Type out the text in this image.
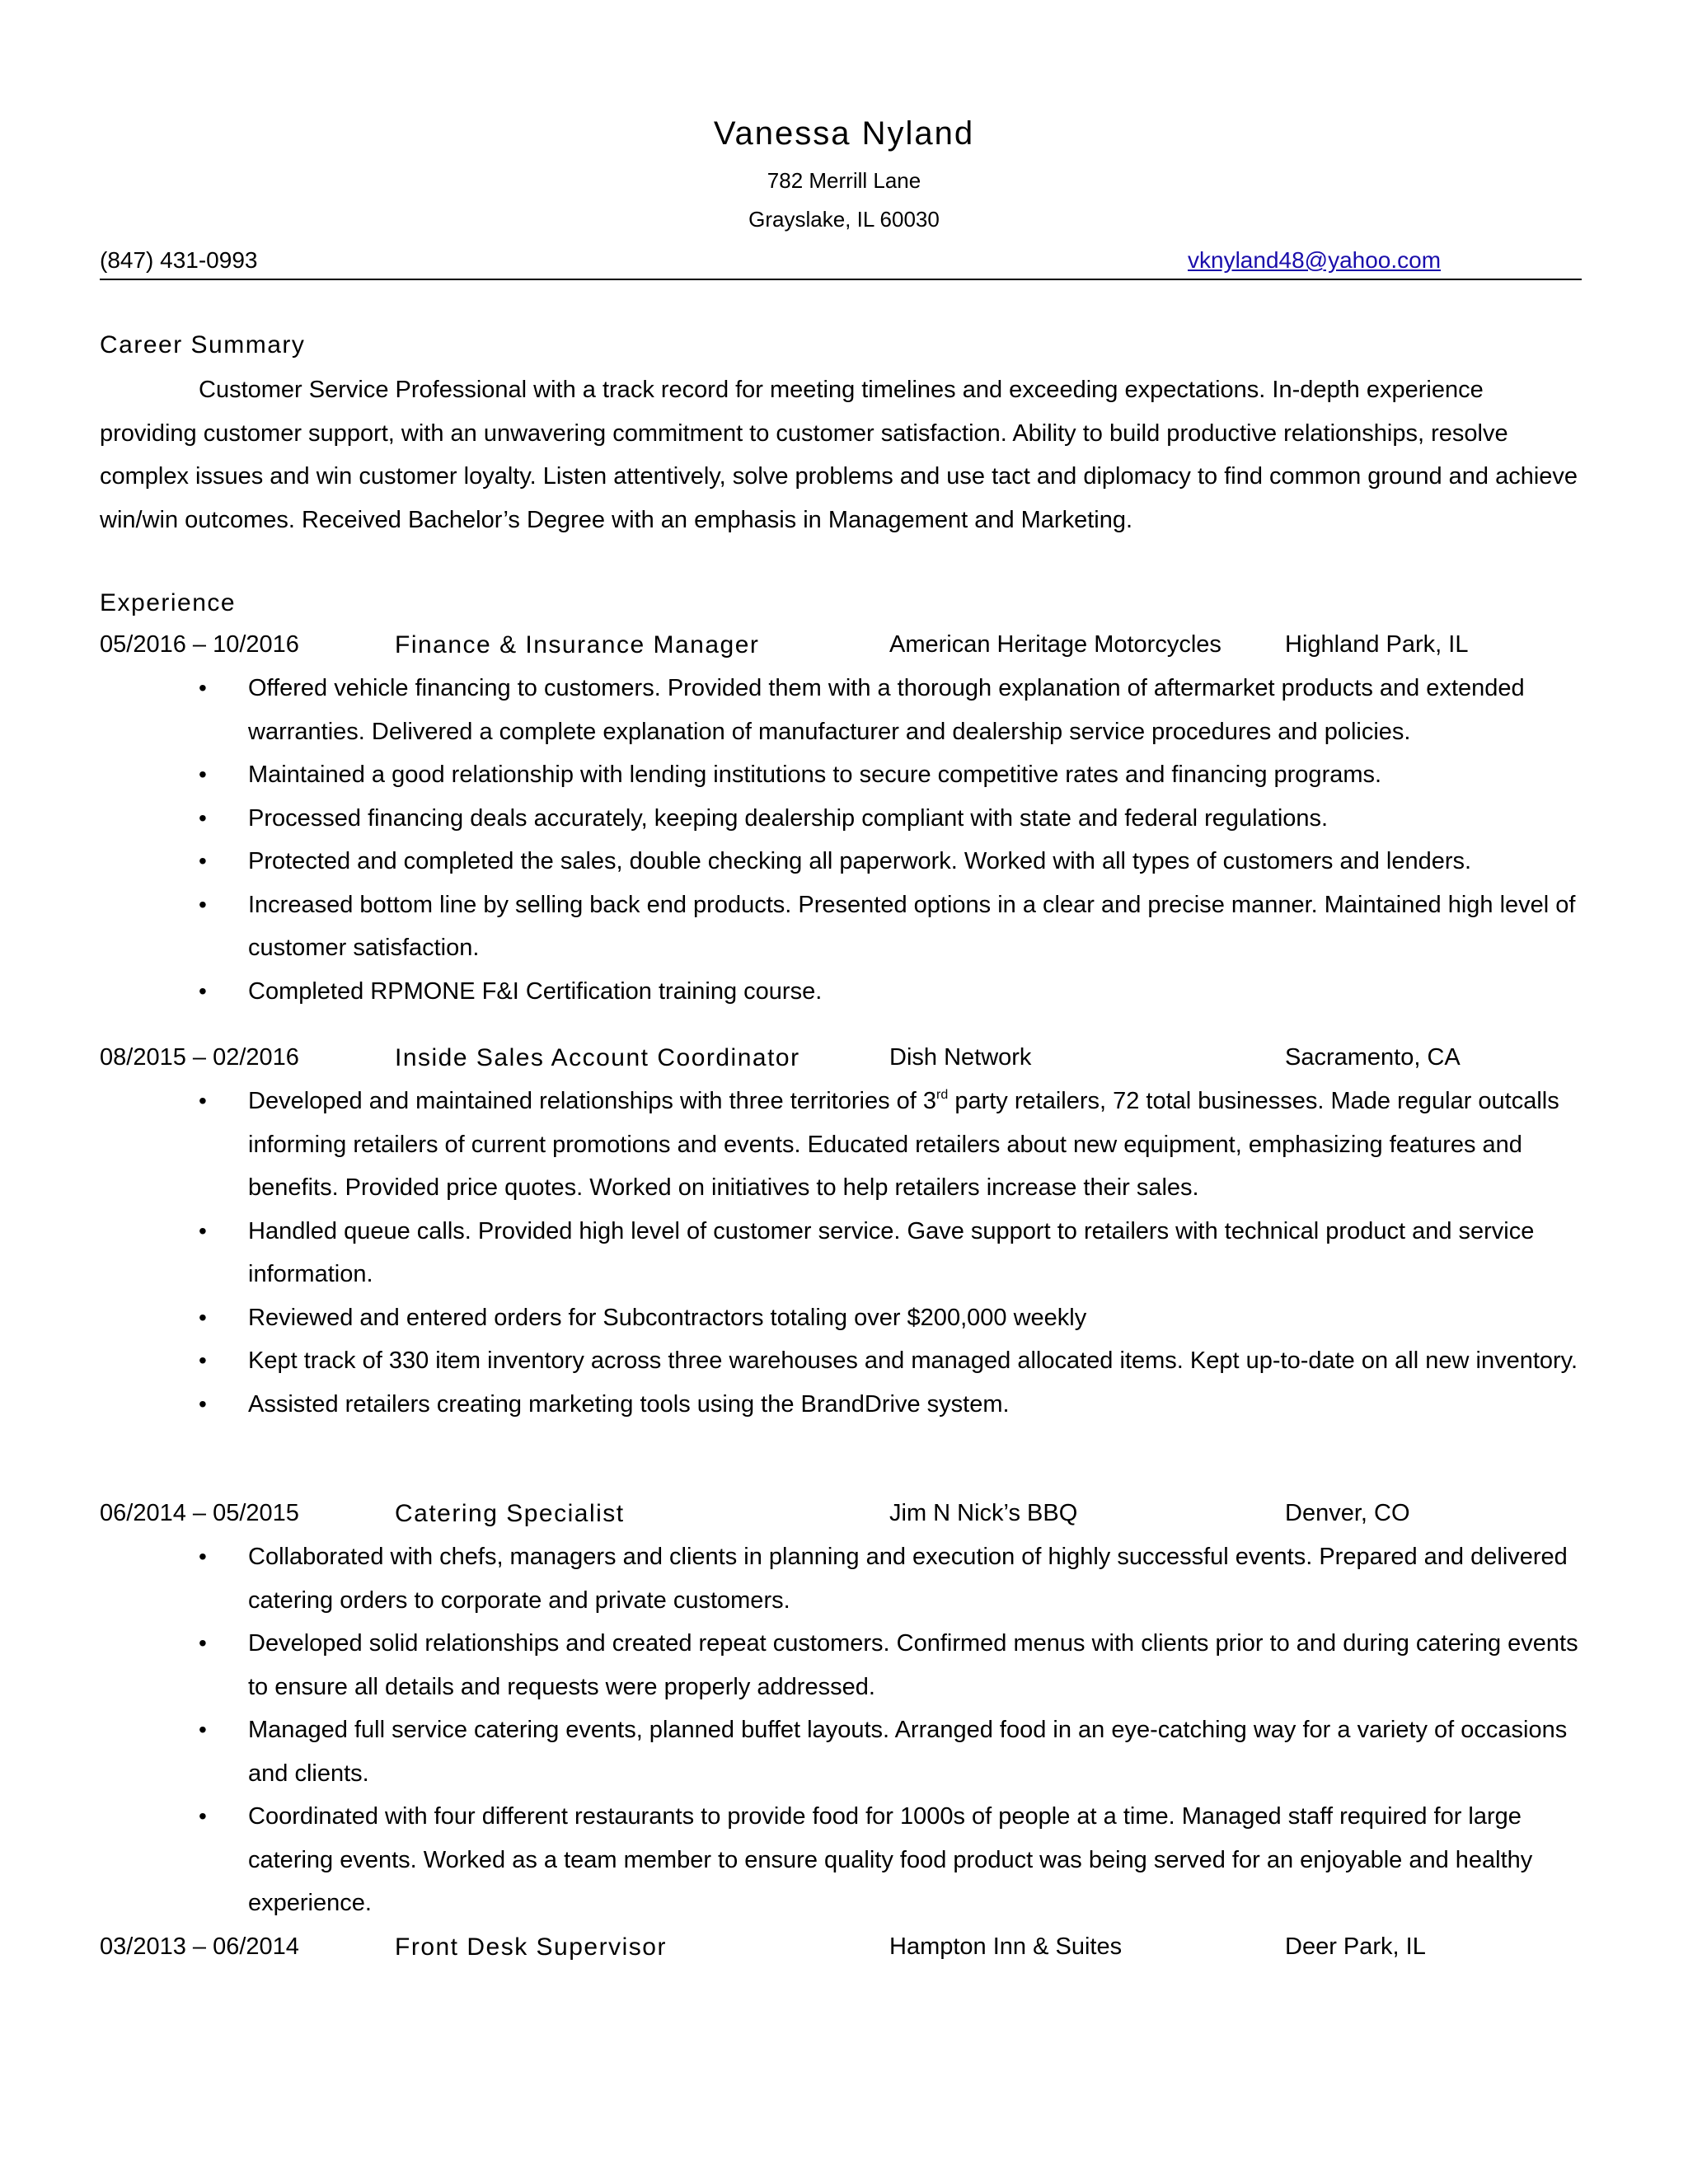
Vanessa Nyland
782 Merrill Lane
Grayslake, IL 60030
(847) 431-0993	vknyland48@yahoo.com
Career Summary

Customer Service Professional with a track record for meeting timelines and exceeding expectations. In-depth experience providing customer support, with an unwavering commitment to customer satisfaction. Ability to build productive relationships, resolve complex issues and win customer loyalty. Listen attentively, solve problems and use tact and diplomacy to find common ground and achieve win/win outcomes. Received Bachelor’s Degree with an emphasis in Management and Marketing.

Experience
05/2016 – 10/2016	Finance & Insurance Manager	American Heritage Motorcycles	Highland Park, IL
• Offered vehicle financing to customers. Provided them with a thorough explanation of aftermarket products and extended warranties. Delivered a complete explanation of manufacturer and dealership service procedures and policies.
• Maintained a good relationship with lending institutions to secure competitive rates and financing programs.
• Processed financing deals accurately, keeping dealership compliant with state and federal regulations.
• Protected and completed the sales, double checking all paperwork. Worked with all types of customers and lenders.
• Increased bottom line by selling back end products. Presented options in a clear and precise manner. Maintained high level of customer satisfaction.
• Completed RPMONE F&I Certification training course.
08/2015 – 02/2016	Inside Sales Account Coordinator	Dish Network	Sacramento, CA
• Developed and maintained relationships with three territories of 3rd party retailers, 72 total businesses. Made regular outcalls informing retailers of current promotions and events. Educated retailers about new equipment, emphasizing features and benefits. Provided price quotes. Worked on initiatives to help retailers increase their sales.
• Handled queue calls. Provided high level of customer service. Gave support to retailers with technical product and service information.
• Reviewed and entered orders for Subcontractors totaling over $200,000 weekly
• Kept track of 330 item inventory across three warehouses and managed allocated items. Kept up-to-date on all new inventory.
• Assisted retailers creating marketing tools using the BrandDrive system.
06/2014 – 05/2015	Catering Specialist	Jim N Nick’s BBQ	Denver, CO
• Collaborated with chefs, managers and clients in planning and execution of highly successful events. Prepared and delivered catering orders to corporate and private customers.
• Developed solid relationships and created repeat customers. Confirmed menus with clients prior to and during catering events to ensure all details and requests were properly addressed.
• Managed full service catering events, planned buffet layouts. Arranged food in an eye-catching way for a variety of occasions and clients.
• Coordinated with four different restaurants to provide food for 1000s of people at a time. Managed staff required for large catering events. Worked as a team member to ensure quality food product was being served for an enjoyable and healthy experience.
03/2013 – 06/2014	Front Desk Supervisor	Hampton Inn & Suites	Deer Park, IL
